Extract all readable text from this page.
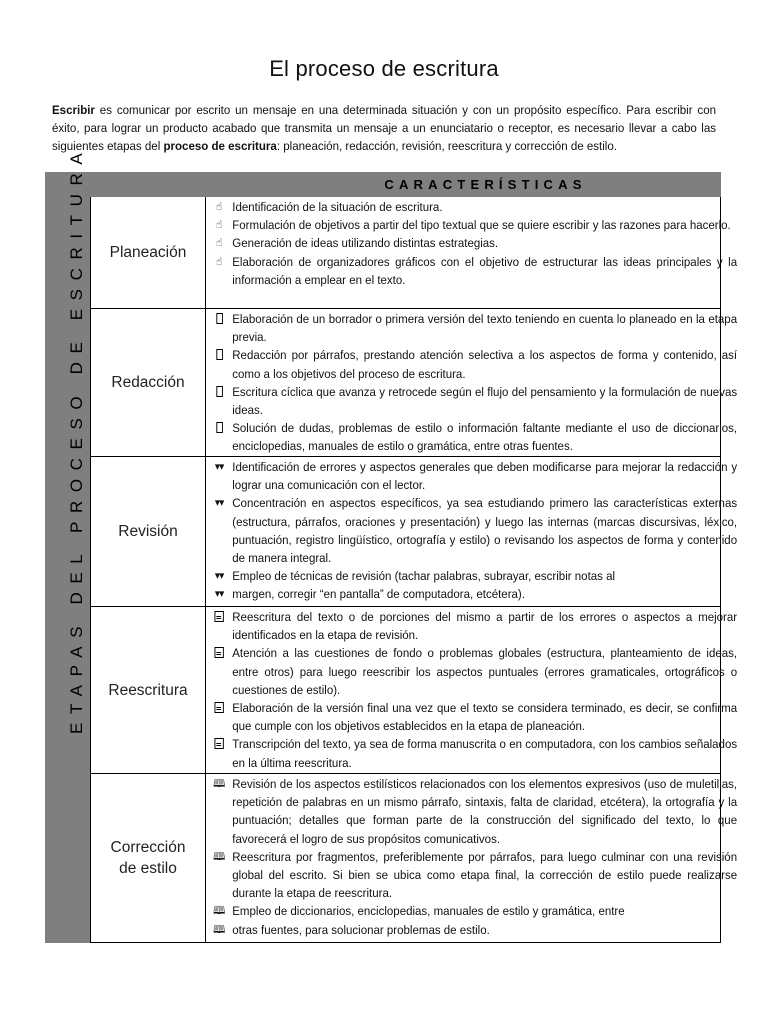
El proceso de escritura
Escribir es comunicar por escrito un mensaje en una determinada situación y con un propósito específico. Para escribir con éxito, para lograr un producto acabado que transmita un mensaje a un enunciatario o receptor, es necesario llevar a cabo las siguientes etapas del proceso de escritura: planeación, redacción, revisión, reescritura y corrección de estilo.
ETAPAS DEL PROCESO DE ESCRITURA	CARACTERÍSTICAS
Planeación
☝ Identificación de la situación de escritura.
☝ Formulación de objetivos a partir del tipo textual que se quiere escribir y las razones para hacerlo.
☝ Generación de ideas utilizando distintas estrategias.
☝ Elaboración de organizadores gráficos con el objetivo de estructurar las ideas principales y la información a emplear en el texto.
Redacción
Elaboración de un borrador o primera versión del texto teniendo en cuenta lo planeado en la etapa previa.
Redacción por párrafos, prestando atención selectiva a los aspectos de forma y contenido, así como a los objetivos del proceso de escritura.
Escritura cíclica que avanza y retrocede según el flujo del pensamiento y la formulación de nuevas ideas.
Solución de dudas, problemas de estilo o información faltante mediante el uso de diccionarios, enciclopedias, manuales de estilo o gramática, entre otras fuentes.
Revisión
▾▾ Identificación de errores y aspectos generales que deben modificarse para mejorar la redacción y lograr una comunicación con el lector.
▾▾ Concentración en aspectos específicos, ya sea estudiando primero las características externas (estructura, párrafos, oraciones y presentación) y luego las internas (marcas discursivas, léxico, puntuación, registro lingüístico, ortografía y estilo) o revisando los aspectos de forma y contenido de manera integral.
▾▾ Empleo de técnicas de revisión (tachar palabras, subrayar, escribir notas al
▾▾ margen, corregir “en pantalla” de computadora, etcétera).
Reescritura
Reescritura del texto o de porciones del mismo a partir de los errores o aspectos a mejorar identificados en la etapa de revisión.
Atención a las cuestiones de fondo o problemas globales (estructura, planteamiento de ideas, entre otros) para luego reescribir los aspectos puntuales (errores gramaticales, ortográficos o cuestiones de estilo).
Elaboración de la versión final una vez que el texto se considera terminado, es decir, se confirma que cumple con los objetivos establecidos en la etapa de planeación.
Transcripción del texto, ya sea de forma manuscrita o en computadora, con los cambios señalados en la última reescritura.
Corrección de estilo
🕮 Revisión de los aspectos estilísticos relacionados con los elementos expresivos (uso de muletillas, repetición de palabras en un mismo párrafo, sintaxis, falta de claridad, etcétera), la ortografía y la puntuación; detalles que forman parte de la construcción del significado del texto, lo que favorecerá el logro de sus propósitos comunicativos.
🕮 Reescritura por fragmentos, preferiblemente por párrafos, para luego culminar con una revisión global del escrito. Si bien se ubica como etapa final, la corrección de estilo puede realizarse durante la etapa de reescritura.
🕮 Empleo de diccionarios, enciclopedias, manuales de estilo y gramática, entre
🕮 otras fuentes, para solucionar problemas de estilo.
